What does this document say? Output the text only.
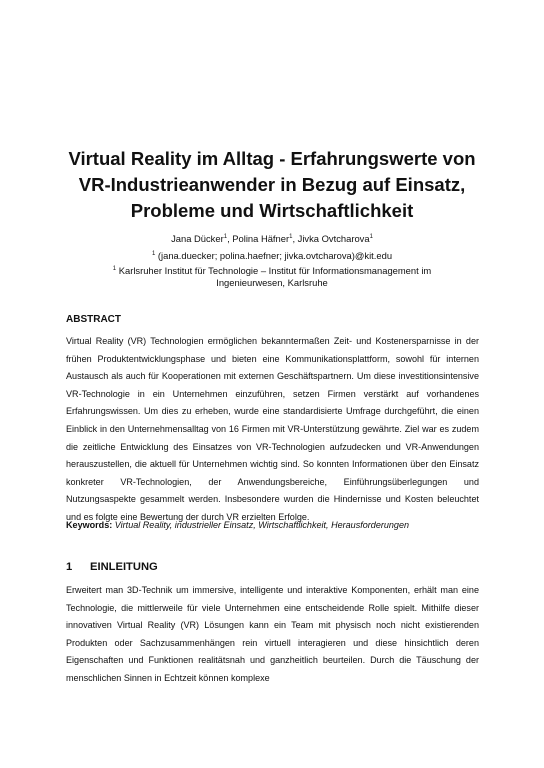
Virtual Reality im Alltag - Erfahrungswerte von
VR-Industrieanwender in Bezug auf Einsatz,
Probleme und Wirtschaftlichkeit
Jana Dücker$^1$, Polina Häfner$^1$, Jivka Ovtcharova$^1$
$^1$ (jana.duecker; polina.haefner; jivka.ovtcharova)@kit.edu
$^1$ Karlsruher Institut für Technologie – Institut für Informationsmanagement im
Ingenieurwesen, Karlsruhe
ABSTRACT

Virtual Reality (VR) Technologien ermöglichen bekanntermaßen Zeit- und Kostenersparnisse in der frühen Produktentwicklungsphase und bieten eine Kommunikationsplattform, sowohl für internen Austausch als auch für Kooperationen mit externen Geschäftspartnern. Um diese investitionsintensive VR-Technologie in ein Unternehmen einzuführen, setzen Firmen verstärkt auf vorhandenes Erfahrungswissen. Um dies zu erheben, wurde eine standardisierte Umfrage durchgeführt, die einen Einblick in den Unternehmensalltag von 16 Firmen mit VR-Unterstützung gewährte. Ziel war es zudem die zeitliche Entwicklung des Einsatzes von VR-Technologien aufzudecken und VR-Anwendungen herauszustellen, die aktuell für Unternehmen wichtig sind. So konnten Informationen über den Einsatz konkreter VR-Technologien, der Anwendungsbereiche, Einführungsüberlegungen und Nutzungsaspekte gesammelt werden. Insbesondere wurden die Hindernisse und Kosten beleuchtet und es folgte eine Bewertung der durch VR erzielten Erfolge.

Keywords: Virtual Reality, industrieller Einsatz, Wirtschaftlichkeit, Herausforderungen
1 EINLEITUNG

Erweitert man 3D-Technik um immersive, intelligente und interaktive Komponenten, erhält man eine Technologie, die mittlerweile für viele Unternehmen eine entscheidende Rolle spielt. Mithilfe dieser innovativen Virtual Reality (VR) Lösungen kann ein Team mit physisch noch nicht existierenden Produkten oder Sachzusammenhängen rein virtuell interagieren und diese hinsichtlich deren Eigenschaften und Funktionen realitätsnah und ganzheitlich beurteilen. Durch die Täuschung der menschlichen Sinnen in Echtzeit können komplexe
